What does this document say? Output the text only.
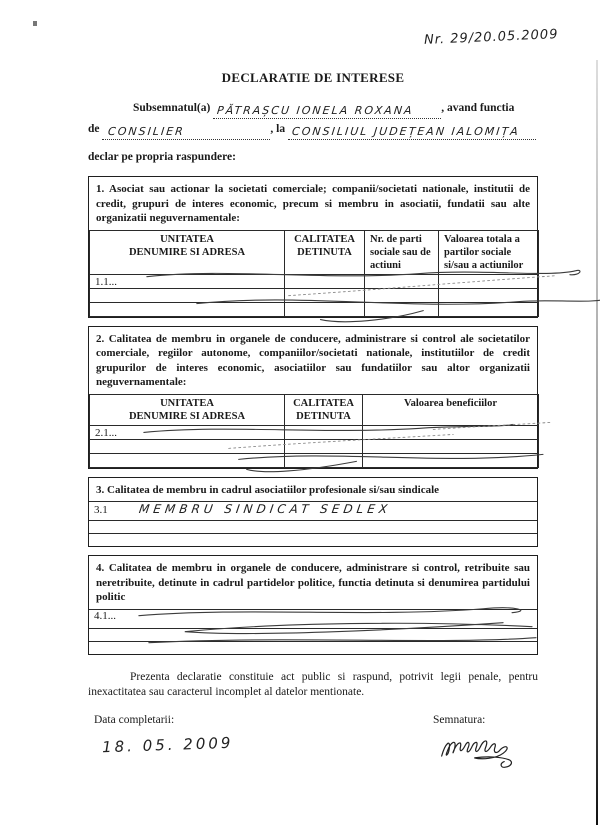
Nr. 29/20.05.2009
DECLARATIE DE INTERESE
Subsemnatul(a) PĂTRAȘCU IONELA ROXANA , avand functia
de CONSILIER	, la CONSILIUL JUDEȚEAN IALOMIȚA
declar pe propria raspundere:

1. Asociat sau actionar la societati comerciale; companii/societati nationale, institutii de credit, grupuri de interes economic, precum si membru in asociatii, fundatii sau alte organizatii neguvernamentale:

UNITATEA
DENUMIRE SI ADRESA	CALITATEA
DETINUTA	Nr. de parti sociale sau de actiuni	Valoarea totala a partilor sociale si/sau a actiunilor
1.1...			

2. Calitatea de membru in organele de conducere, administrare si control ale societatilor comerciale, regiilor autonome, companiilor/societati nationale, institutiilor de credit grupurilor de interes economic, asociatiilor sau fundatiilor sau altor organizatii neguvernamentale:

UNITATEA
DENUMIRE SI ADRESA	CALITATEA
DETINUTA	Valoarea beneficiilor
2.1...		

3. Calitatea de membru in cadrul asociatiilor profesionale si/sau sindicale

3.1 MEMBRU SINDICAT SEDLEX

4. Calitatea de membru in organele de conducere, administrare si control, retribuite sau neretribuite, detinute in cadrul partidelor politice, functia detinuta si denumirea partidului politic

4.1...

Prezenta declaratie constituie act public si raspund, potrivit legii penale, pentru inexactitatea sau caracterul incomplet al datelor mentionate.

Data completarii:
18. 05. 2009
Semnatura:
